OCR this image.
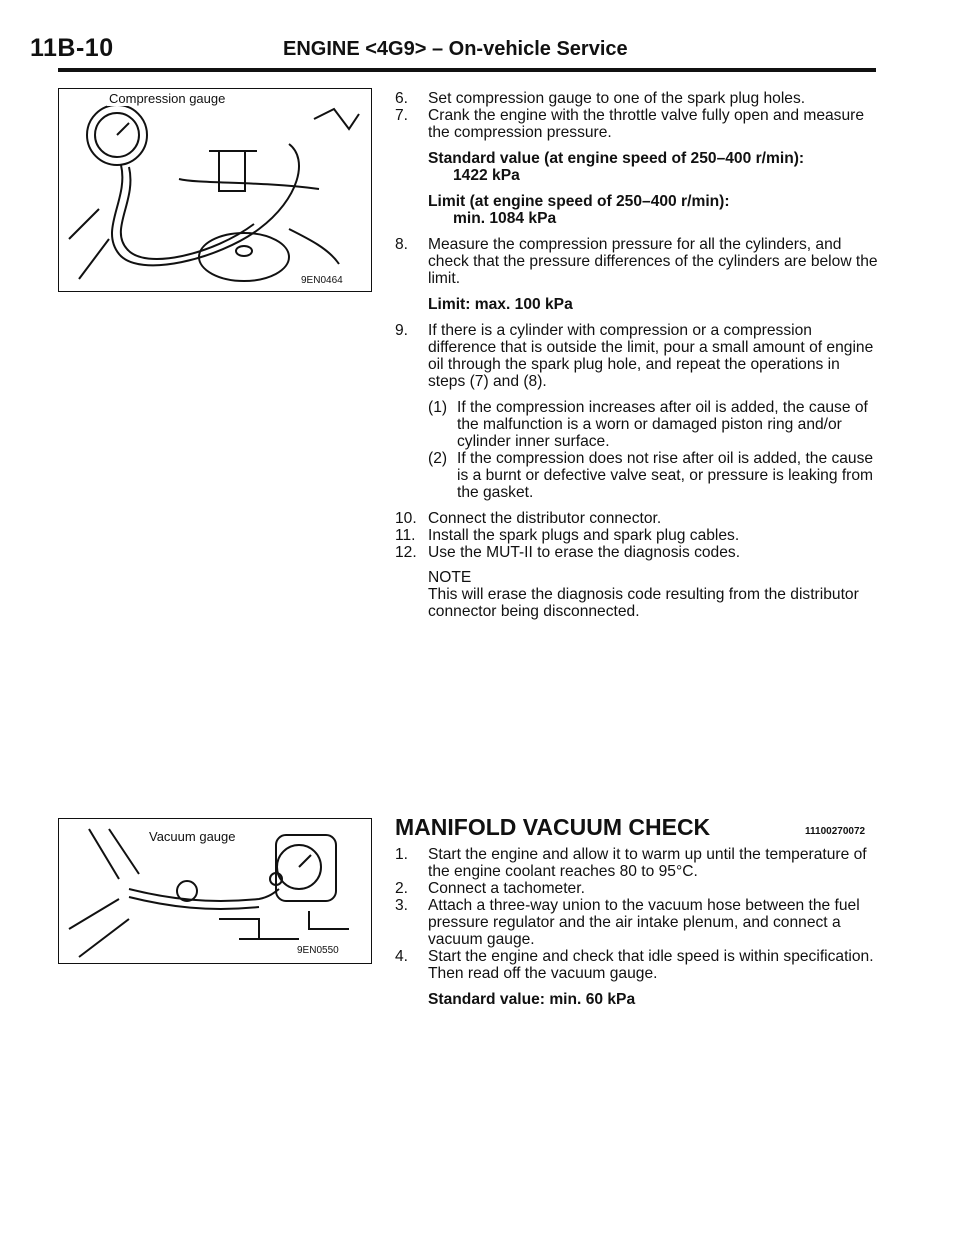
11B-10	ENGINE <4G9> – On-vehicle Service
Compression gauge
9EN0464
Vacuum gauge
9EN0550
6. Set compression gauge to one of the spark plug holes.
7. Crank the engine with the throttle valve fully open and measure the compression pressure.
Standard value (at engine speed of 250–400 r/min):
1422 kPa
Limit (at engine speed of 250–400 r/min):
min. 1084 kPa
8. Measure the compression pressure for all the cylinders, and check that the pressure differences of the cylinders are below the limit.
Limit: max. 100 kPa
9. If there is a cylinder with compression or a compression difference that is outside the limit, pour a small amount of engine oil through the spark plug hole, and repeat the operations in steps (7) and (8).
(1) If the compression increases after oil is added, the cause of the malfunction is a worn or damaged piston ring and/or cylinder inner surface.
(2) If the compression does not rise after oil is added, the cause is a burnt or defective valve seat, or pressure is leaking from the gasket.
10. Connect the distributor connector.
11. Install the spark plugs and spark plug cables.
12. Use the MUT-II to erase the diagnosis codes.
NOTE
This will erase the diagnosis code resulting from the distributor connector being disconnected.
MANIFOLD VACUUM CHECK	11100270072
1. Start the engine and allow it to warm up until the temperature of the engine coolant reaches 80 to 95°C.
2. Connect a tachometer.
3. Attach a three-way union to the vacuum hose between the fuel pressure regulator and the air intake plenum, and connect a vacuum gauge.
4. Start the engine and check that idle speed is within specification. Then read off the vacuum gauge.
Standard value: min. 60 kPa
